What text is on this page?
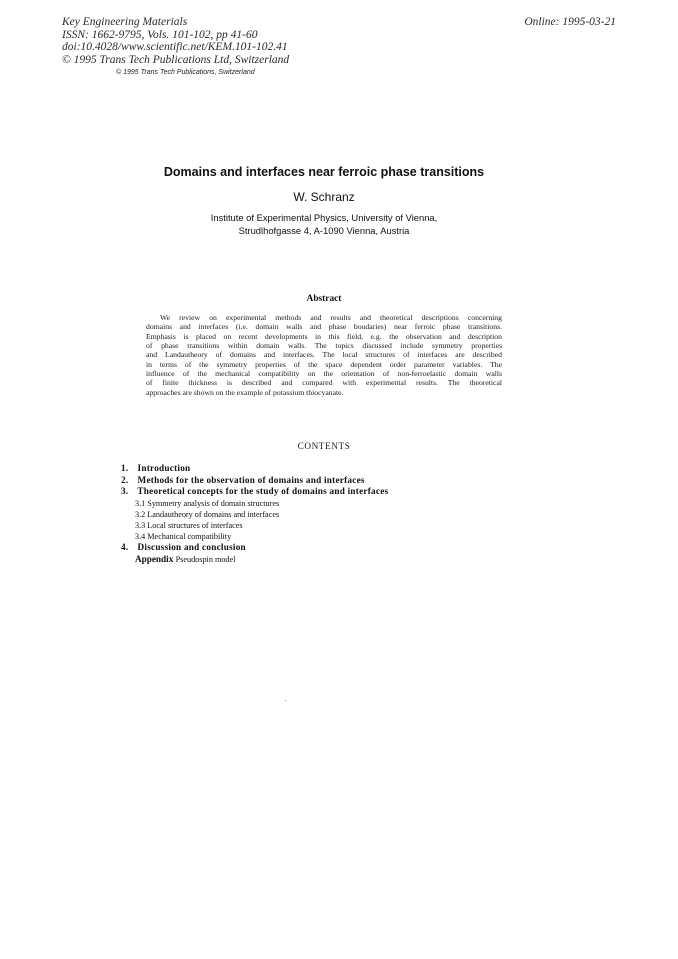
Key Engineering Materials
ISSN: 1662-9795, Vols. 101-102, pp 41-60
doi:10.4028/www.scientific.net/KEM.101-102.41
© 1995 Trans Tech Publications Ltd, Switzerland
Online: 1995-03-21
© 1995 Trans Tech Publications, Switzerland
Domains and interfaces near ferroic phase transitions
W. Schranz
Institute of Experimental Physics, University of Vienna,
Strudlhofgasse 4, A-1090 Vienna, Austria
Abstract
We review on experimental methods and results and theoretical descriptions concerning
domains and interfaces (i.e. domain walls and phase boudaries) near ferroic phase transitions.
Emphasis is placed on recent developments in this field, e.g. the observation and description
of phase transitions within domain walls. The topics discussed include symmetry properties
and Landautheory of domains and interfaces. The local structures of interfaces are described
in terms of the symmetry properties of the space dependent order parameter variables. The
influence of the mechanical compatibility on the orientation of non-ferroelastic domain walls
of finite thickness is described and compared with experimental results. The theoretical
approaches are shown on the example of potassium thiocyanate.
CONTENTS
1. Introduction
2. Methods for the observation of domains and interfaces
3. Theoretical concepts for the study of domains and interfaces
3.1 Symmetry analysis of domain structures
3.2 Landautheory of domains and interfaces
3.3 Local structures of interfaces
3.4 Mechanical compatibility
4. Discussion and conclusion
Appendix Pseudospin model
